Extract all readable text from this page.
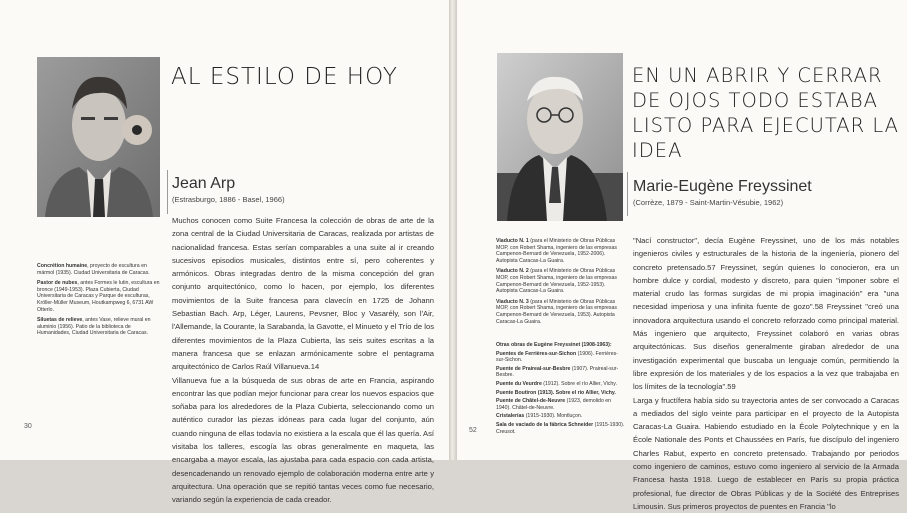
AL ESTILO DE HOY
Jean Arp
(Estrasburgo, 1886 - Basel, 1966)

Concrétion humaine, proyecto de escultura en mármol (1935). Ciudad Universitaria de Caracas.

Pastor de nubes, antes Formes le lutin, escultura en bronce (1949-1953). Plaza Cubierta, Ciudad Universitaria de Caracas y Parque de esculturas, Kröller-Müller Museum, Houtkampweg 6, 6731 AW Otterlo.

Siluetas de relieve, antes Vase, relieve mural en aluminio (1956). Patio de la biblioteca de Humanidades, Ciudad Universitaria de Caracas.

Muchos conocen como Suite Francesa la colección de obras de arte de la zona central de la Ciudad Universitaria de Caracas, realizada por artistas de nacionalidad francesa. Estas serían comparables a una suite al ir creando sucesivos episodios musicales, distintos entre sí, pero coherentes y armónicos. Obras integradas dentro de la misma concepción del gran conjunto arquitectónico, como lo hacen, por ejemplo, los diferentes movimientos de la Suite francesa para clavecín en 1725 de Johann Sebastian Bach. Arp, Léger, Laurens, Pevsner, Bloc y Vasarély, son l'Air, l'Allemande, la Courante, la Sarabanda, la Gavotte, el Minueto y el Trío de los diferentes movimientos de la Plaza Cubierta, las seis suites escritas a la manera francesa que se enlazan armónicamente sobre el pentagrama arquitectónico de Carlos Raúl Villanueva.14

Villanueva fue a la búsqueda de sus obras de arte en Francia, aspirando encontrar las que podían mejor funcionar para crear los nuevos espacios que soñaba para los alrededores de la Plaza Cubierta, seleccionando como un auténtico curador las piezas idóneas para cada lugar del conjunto, aún cuando ninguna de ellas todavía no existiera a la escala que él las quería. Así visitaba los talleres, escogía las obras generalmente en maqueta, las encargaba a mayor escala, las ajustaba para cada espacio con cada artista, desencadenando un renovado ejemplo de colaboración moderna entre arte y arquitectura. Una operación que se repitió tantas veces como fue necesario, variando según la experiencia de cada creador.

30
EN UN ABRIR Y CERRAR DE OJOS TODO ESTABA LISTO PARA EJECUTAR LA IDEA
Marie-Eugène Freyssinet
(Corrèze, 1879 - Saint-Martin-Vésubie, 1962)

Viaducto N. 1 (para el Ministerio de Obras Públicas MOP, con Robert Shama, ingeniero de las empresas Campenon-Bernard de Venezuela, 1952-2006). Autopista Caracas-La Guaira.

Viaducto N. 2 (para el Ministerio de Obras Públicas MOP, con Robert Shama, ingeniero de las empresas Campenon-Bernard de Venezuela, 1952-1953). Autopista Caracas-La Guaira.

Viaducto N. 3 (para el Ministerio de Obras Públicas MOP, con Robert Shama, ingeniero de las empresas Campenon-Bernard de Venezuela, 1953). Autopista Caracas-La Guaira.

Otras obras de Eugène Freyssinet (1908-1963):

Puentes de Ferrières-sur-Sichon (1906). Ferrières-sur-Sichon.

Puente de Praireal-sur-Besbre (1907). Praireal-sur-Besbre.

Puente du Veurdre (1912). Sobre el río Allier, Vichy.

Puente Boutiron (1913). Sobre el río Allier, Vichy.

Puente de Châtel-de-Neuvre (1923, demolido en 1940). Châtel-de-Neuvre.

Cristalerías (1915-1930). Montluçon.

Sala de vaciado de la fábrica Schneider (1915-1930). Creusot.

"Nací constructor", decía Eugène Freyssinet, uno de los más notables ingenieros civiles y estructurales de la historia de la ingeniería, pionero del concreto pretensado.57 Freyssinet, según quienes lo conocieron, era un hombre dulce y cordial, modesto y discreto, para quien "imponer sobre el material crudo las formas surgidas de mi propia imaginación" era "una necesidad imperiosa y una infinita fuente de gozo".58 Freyssinet "creó una innovadora arquitectura usando el concreto reforzado como principal material. Más ingeniero que arquitecto, Freyssinet colaboró en varias obras arquitectónicas. Sus diseños generalmente giraban alrededor de una investigación experimental que buscaba un lenguaje común, permitiendo la libre expresión de los materiales y de los espacios a la vez que trabajaba en los límites de la tecnología".59

Larga y fructífera había sido su trayectoria antes de ser convocado a Caracas a mediados del siglo veinte para participar en el proyecto de la Autopista Caracas-La Guaira. Habiendo estudiado en la École Polytechnique y en la École Nationale des Ponts et Chaussées en París, fue discípulo del ingeniero Charles Rabut, experto en concreto pretensado. Trabajando por periodos como ingeniero de caminos, estuvo como ingeniero al servicio de la Armada Francesa hasta 1918. Luego de establecer en París su propia práctica profesional, fue director de Obras Públicas y de la Société des Entreprises Limousin. Sus primeros proyectos de puentes en Francia "lo

52
